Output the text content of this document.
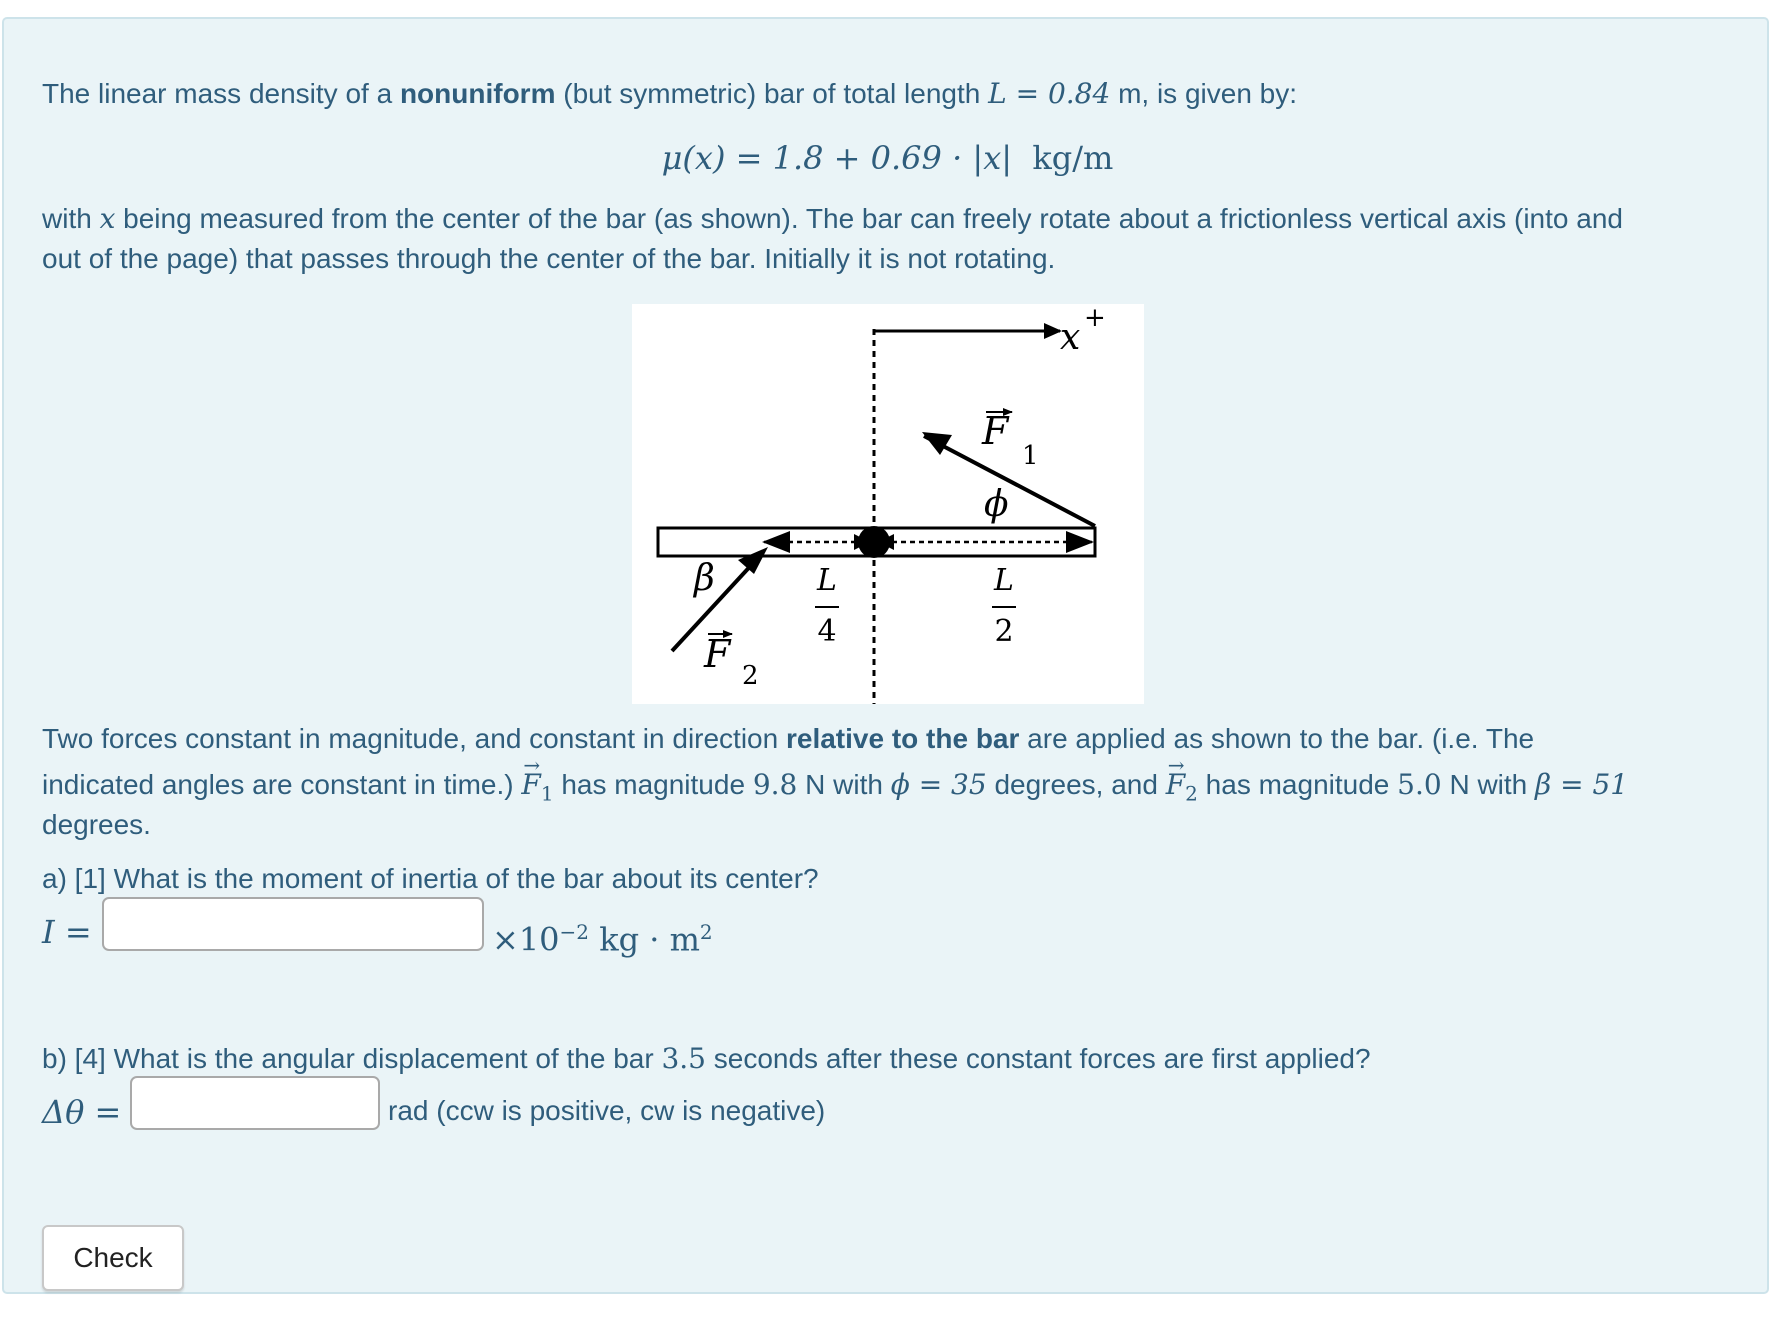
The linear mass density of a nonuniform (but symmetric) bar of total length L = 0.84 m, is given by:
μ(x) = 1.8 + 0.69 · |x| kg/m
with x being measured from the center of the bar (as shown). The bar can freely rotate about a frictionless vertical axis (into and
out of the page) that passes through the center of the bar. Initially it is not rotating.
x +
F
1
ϕ
β
F 2
L
4
L
2
Two forces constant in magnitude, and constant in direction relative to the bar are applied as shown to the bar. (i.e. The
indicated angles are constant in time.) → $F_1$ has magnitude 9.8 N with ϕ = 35 degrees, and → $F_2$ has magnitude 5.0 N with β = 51
degrees.
a) [1] What is the moment of inertia of the bar about its center?
I =	$\times 10^{-2}$ kg · $m^2$
b) [4] What is the angular displacement of the bar 3.5 seconds after these constant forces are first applied?
Δθ =	rad (ccw is positive, cw is negative)
Check
